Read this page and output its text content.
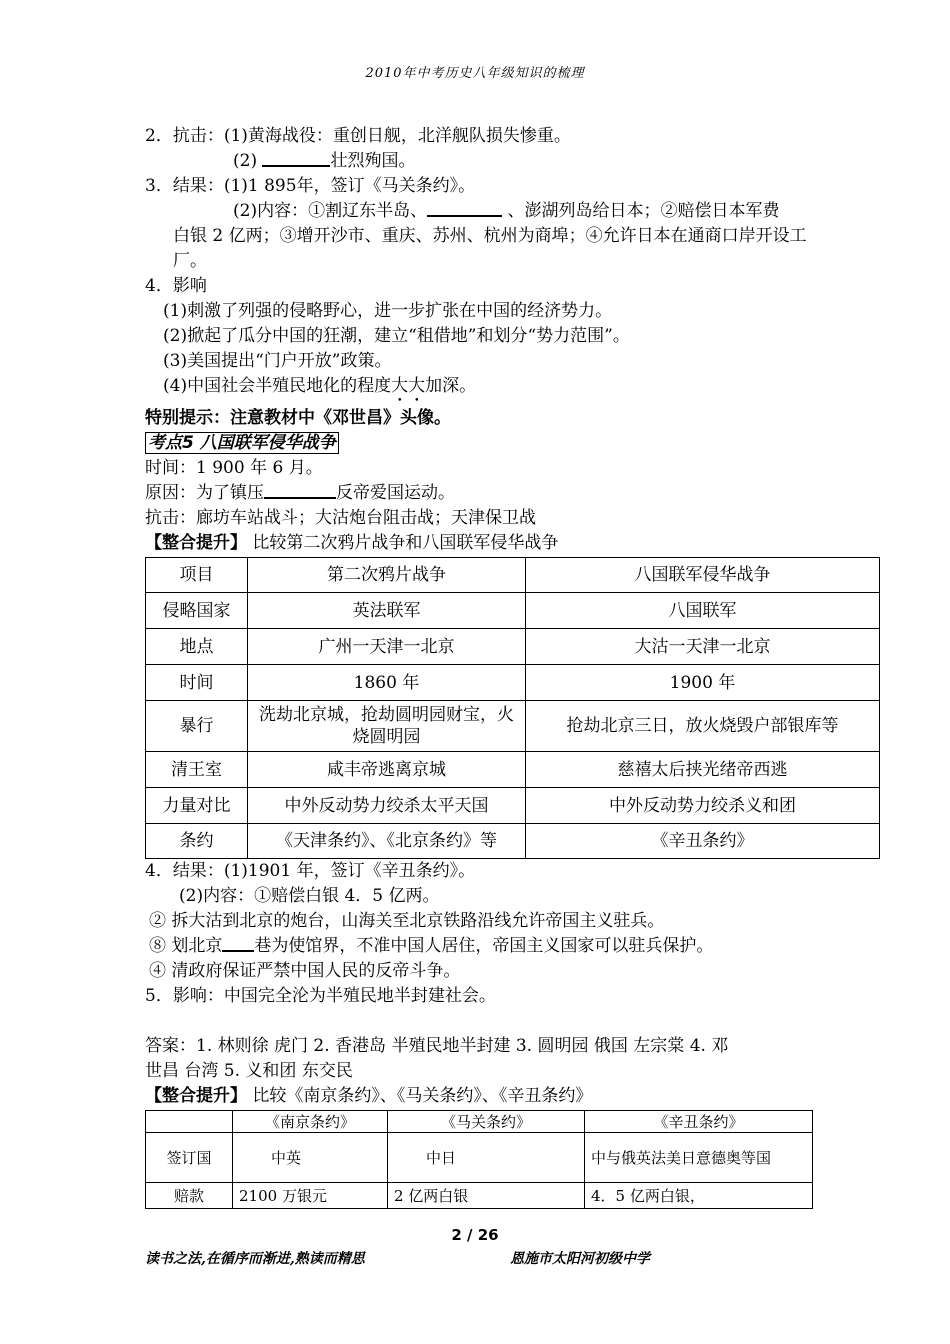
2010年中考历史八年级知识的梳理
2．抗击：(1)黄海战役：重创日舰，北洋舰队损失惨重。
(2)	壮烈殉国。
3．结果：(1)1 895年，签订《马关条约》。
(2)内容：①割辽东半岛、	、澎湖列岛给日本；②赔偿日本军费
白银 2 亿两；③增开沙市、重庆、苏州、杭州为商埠；④允许日本在通商口岸开设工厂。
4．影响
(1)刺激了列强的侵略野心，进一步扩张在中国的经济势力。
(2)掀起了瓜分中国的狂潮，建立“租借地”和划分“势力范围”。
(3)美国提出“门户开放”政策。
(4)中国社会半殖民地化的程度大大加深。
特别提示：注意教材中《邓世昌》头像。
考点5 八国联军侵华战争
时间：1 900 年 6 月。
原因：为了镇压	反帝爱国运动。
抗击：廊坊车站战斗；大沽炮台阻击战；天津保卫战
【整合提升】 比较第二次鸦片战争和八国联军侵华战争
项目	第二次鸦片战争	八国联军侵华战争
侵略国家	英法联军	八国联军
地点	广州一天津一北京	大沽一天津一北京
时间	1860 年	1900 年
暴行	洗劫北京城，抢劫圆明园财宝，火烧圆明园	抢劫北京三日，放火烧毁户部银库等
清王室	咸丰帝逃离京城	慈禧太后挟光绪帝西逃
力量对比	中外反动势力绞杀太平天国	中外反动势力绞杀义和团
条约	《天津条约》、《北京条约》等	《辛丑条约》
4．结果：(1)1901 年，签订《辛丑条约》。
(2)内容：①赔偿白银 4．5 亿两。
② 拆大沽到北京的炮台，山海关至北京铁路沿线允许帝国主义驻兵。
⑧ 划北京 巷为使馆界，不准中国人居住，帝国主义国家可以驻兵保护。
④ 清政府保证严禁中国人民的反帝斗争。
5．影响：中国完全沦为半殖民地半封建社会。
答案：1. 林则徐 虎门 2. 香港岛 半殖民地半封建 3. 圆明园 俄国 左宗棠 4. 邓
世昌 台湾 5. 义和团 东交民
【整合提升】 比较《南京条约》、《马关条约》、《辛丑条约》
	《南京条约》	《马关条约》	《辛丑条约》
签订国	中英	中日	中与俄英法美日意德奥等国
赔款	2100 万银元	2 亿两白银	4．5 亿两白银，
2 / 26
读书之法,在循序而渐进,熟读而精思	恩施市太阳河初级中学
